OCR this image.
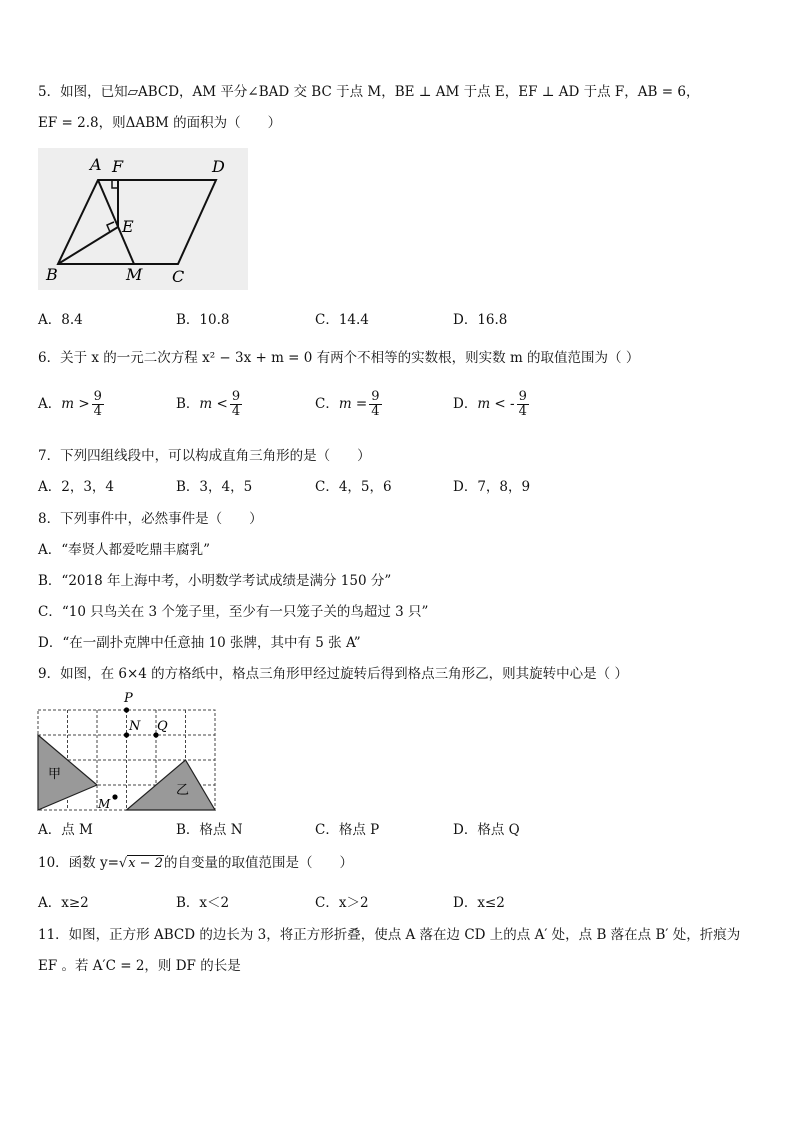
5．如图，已知▱ABCD，AM 平分∠BAD 交 BC 于点 M，BE ⊥ AM 于点 E，EF ⊥ AD 于点 F，AB = 6，
EF = 2.8，则ΔABM 的面积为（　　）
A F	D
E
B	M C
A．8.4	B．10.8	C．14.4	D．16.8
6．关于 x 的一元二次方程 x² − 3x + m = 0 有两个不相等的实数根，则实数 m 的取值范围为（ ）
A．$m > \frac{9}{4}$	B．$m < \frac{9}{4}$	C．$m = \frac{9}{4}$	D．m < - $\frac{9}{4}$
7．下列四组线段中，可以构成直角三角形的是（　　）
A．2，3，4	B．3，4，5	C．4，5，6	D．7，8，9
8．下列事件中，必然事件是（　　）
A．“奉贤人都爱吃鼎丰腐乳”
B．“2018 年上海中考，小明数学考试成绩是满分 150 分”
C．“10 只鸟关在 3 个笼子里，至少有一只笼子关的鸟超过 3 只”
D．“在一副扑克牌中任意抽 10 张牌，其中有 5 张 A”
9．如图，在 6×4 的方格纸中，格点三角形甲经过旋转后得到格点三角形乙，则其旋转中心是（ ）
P
N Q
M
甲
乙
A．点 M	B．格点 N	C．格点 P	D．格点 Q
10．函数 y=√x − 2的自变量的取值范围是（　　）
A．x≥2	B．x＜2	C．x＞2	D．x≤2
11．如图，正方形 ABCD 的边长为 3，将正方形折叠，使点 A 落在边 CD 上的点 A′ 处，点 B 落在点 B′ 处，折痕为
EF 。若 A′C = 2，则 DF 的长是
